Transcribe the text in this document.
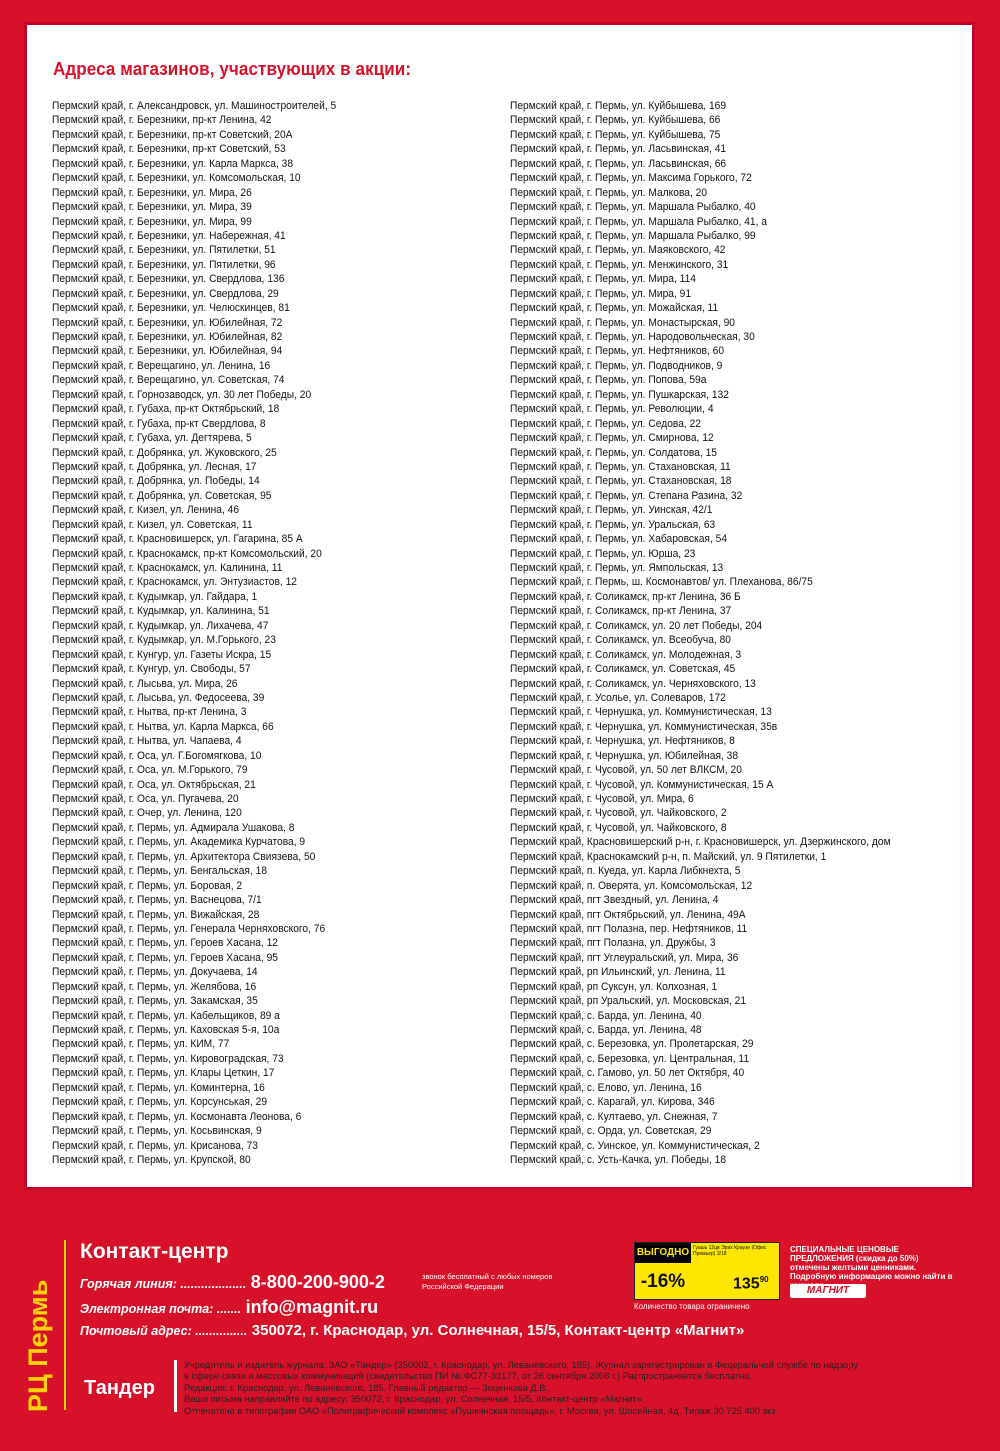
Адреса магазинов, участвующих в акции:
Пермский край, г. Александровск, ул. Машиностроителей, 5
Пермский край, г. Березники, пр-кт Ленина, 42
Пермский край, г. Березники, пр-кт Советский, 20А
Пермский край, г. Березники, пр-кт Советский, 53
Пермский край, г. Березники, ул. Карла Маркса, 38
Пермский край, г. Березники, ул. Комсомольская, 10
Пермский край, г. Березники, ул. Мира, 26
Пермский край, г. Березники, ул. Мира, 39
Пермский край, г. Березники, ул. Мира, 99
Пермский край, г. Березники, ул. Набережная, 41
Пермский край, г. Березники, ул. Пятилетки, 51
Пермский край, г. Березники, ул. Пятилетки, 96
Пермский край, г. Березники, ул. Свердлова, 136
Пермский край, г. Березники, ул. Свердлова, 29
Пермский край, г. Березники, ул. Челюскинцев, 81
Пермский край, г. Березники, ул. Юбилейная, 72
Пермский край, г. Березники, ул. Юбилейная, 82
Пермский край, г. Березники, ул. Юбилейная, 94
Пермский край, г. Верещагино, ул. Ленина, 16
Пермский край, г. Верещагино, ул. Советская, 74
Пермский край, г. Горнозаводск, ул. 30 лет Победы, 20
Пермский край, г. Губаха, пр-кт Октябрьский, 18
Пермский край, г. Губаха, пр-кт Свердлова, 8
Пермский край, г. Губаха, ул. Дегтярева, 5
Пермский край, г. Добрянка, ул. Жуковского, 25
Пермский край, г. Добрянка, ул. Лесная, 17
Пермский край, г. Добрянка, ул. Победы, 14
Пермский край, г. Добрянка, ул. Советская, 95
Пермский край, г. Кизел, ул. Ленина, 46
Пермский край, г. Кизел, ул. Советская, 11
Пермский край, г. Красновишерск, ул. Гагарина, 85 А
Пермский край, г. Краснокамск, пр-кт Комсомольский, 20
Пермский край, г. Краснокамск, ул. Калинина, 11
Пермский край, г. Краснокамск, ул. Энтузиастов, 12
Пермский край, г. Кудымкар, ул. Гайдара, 1
Пермский край, г. Кудымкар, ул. Калинина, 51
Пермский край, г. Кудымкар, ул. Лихачева, 47
Пермский край, г. Кудымкар, ул. М.Горького, 23
Пермский край, г. Кунгур, ул. Газеты Искра, 15
Пермский край, г. Кунгур, ул. Свободы, 57
Пермский край, г. Лысьва, ул. Мира, 26
Пермский край, г. Лысьва, ул. Федосеева, 39
Пермский край, г. Нытва, пр-кт Ленина, 3
Пермский край, г. Нытва, ул. Карла Маркса, 66
Пермский край, г. Нытва, ул. Чапаева, 4
Пермский край, г. Оса, ул. Г.Богомягкова, 10
Пермский край, г. Оса, ул. М.Горького, 79
Пермский край, г. Оса, ул. Октябрьская, 21
Пермский край, г. Оса, ул. Пугачева, 20
Пермский край, г. Очер, ул. Ленина, 120
Пермский край, г. Пермь, ул. Адмирала Ушакова, 8
Пермский край, г. Пермь, ул. Академика Курчатова, 9
Пермский край, г. Пермь, ул. Архитектора Свиязева, 50
Пермский край, г. Пермь, ул. Бенгальская, 18
Пермский край, г. Пермь, ул. Боровая, 2
Пермский край, г. Пермь, ул. Васнецова, 7/1
Пермский край, г. Пермь, ул. Вижайская, 28
Пермский край, г. Пермь, ул. Генерала Черняховского, 76
Пермский край, г. Пермь, ул. Героев Хасана, 12
Пермский край, г. Пермь, ул. Героев Хасана, 95
Пермский край, г. Пермь, ул. Докучаева, 14
Пермский край, г. Пермь, ул. Желябова, 16
Пермский край, г. Пермь, ул. Закамская, 35
Пермский край, г. Пермь, ул. Кабельщиков, 89 а
Пермский край, г. Пермь, ул. Каховская 5-я, 10а
Пермский край, г. Пермь, ул. КИМ, 77
Пермский край, г. Пермь, ул. Кировоградская, 73
Пермский край, г. Пермь, ул. Клары Цеткин, 17
Пермский край, г. Пермь, ул. Коминтерна, 16
Пермский край, г. Пермь, ул. Корсунськая, 29
Пермский край, г. Пермь, ул. Космонавта Леонова, 6
Пермский край, г. Пермь, ул. Косьвинская, 9
Пермский край, г. Пермь, ул. Крисанова, 73
Пермский край, г. Пермь, ул. Крупской, 80
Пермский край, г. Пермь, ул. Куйбышева, 169
Пермский край, г. Пермь, ул. Куйбышева, 66
Пермский край, г. Пермь, ул. Куйбышева, 75
Пермский край, г. Пермь, ул. Ласьвинская, 41
Пермский край, г. Пермь, ул. Ласьвинская, 66
Пермский край, г. Пермь, ул. Максима Горького, 72
Пермский край, г. Пермь, ул. Малкова, 20
Пермский край, г. Пермь, ул. Маршала Рыбалко, 40
Пермский край, г. Пермь, ул. Маршала Рыбалко, 41, а
Пермский край, г. Пермь, ул. Маршала Рыбалко, 99
Пермский край, г. Пермь, ул. Маяковского, 42
Пермский край, г. Пермь, ул. Менжинского, 31
Пермский край, г. Пермь, ул. Мира, 114
Пермский край, г. Пермь, ул. Мира, 91
Пермский край, г. Пермь, ул. Можайская, 11
Пермский край, г. Пермь, ул. Монастырская, 90
Пермский край, г. Пермь, ул. Народовольческая, 30
Пермский край, г. Пермь, ул. Нефтяников, 60
Пермский край, г. Пермь, ул. Подводников, 9
Пермский край, г. Пермь, ул. Попова, 59а
Пермский край, г. Пермь, ул. Пушкарская, 132
Пермский край, г. Пермь, ул. Революции, 4
Пермский край, г. Пермь, ул. Седова, 22
Пермский край, г. Пермь, ул. Смирнова, 12
Пермский край, г. Пермь, ул. Солдатова, 15
Пермский край, г. Пермь, ул. Стахановская, 11
Пермский край, г. Пермь, ул. Стахановская, 18
Пермский край, г. Пермь, ул. Степана Разина, 32
Пермский край, г. Пермь, ул. Уинская, 42/1
Пермский край, г. Пермь, ул. Уральская, 63
Пермский край, г. Пермь, ул. Хабаровская, 54
Пермский край, г. Пермь, ул. Юрша, 23
Пермский край, г. Пермь, ул. Ямпольская, 13
Пермский край, г. Пермь, ш. Космонавтов/ ул. Плеханова, 86/75
Пермский край, г. Соликамск, пр-кт Ленина, 36 Б
Пермский край, г. Соликамск, пр-кт Ленина, 37
Пермский край, г. Соликамск, ул. 20 лет Победы, 204
Пермский край, г. Соликамск, ул. Всеобуча, 80
Пермский край, г. Соликамск, ул. Молодежная, 3
Пермский край, г. Соликамск, ул. Советская, 45
Пермский край, г. Соликамск, ул. Черняховского, 13
Пермский край, г. Усолье, ул. Солеваров, 172
Пермский край, г. Чернушка, ул. Коммунистическая, 13
Пермский край, г. Чернушка, ул. Коммунистическая, 35в
Пермский край, г. Чернушка, ул. Нефтяников, 8
Пермский край, г. Чернушка, ул. Юбилейная, 38
Пермский край, г. Чусовой, ул. 50 лет ВЛКСМ, 20
Пермский край, г. Чусовой, ул. Коммунистическая, 15 А
Пермский край, г. Чусовой, ул. Мира, 6
Пермский край, г. Чусовой, ул. Чайковского, 2
Пермский край, г. Чусовой, ул. Чайковского, 8
Пермский край, Красновишерский р-н, г. Красновишерск, ул. Дзержинского, дом
Пермский край, Краснокамский р-н, п. Майский, ул. 9 Пятилетки, 1
Пермский край, п. Куеда, ул. Карла Либкнехта, 5
Пермский край, п. Оверята, ул. Комсомольская, 12
Пермский край, пгт Звездный, ул. Ленина, 4
Пермский край, пгт Октябрьский, ул. Ленина, 49А
Пермский край, пгт Полазна, пер. Нефтяников, 11
Пермский край, пгт Полазна, ул. Дружбы, 3
Пермский край, пгт Углеуральский, ул. Мира, 36
Пермский край, рп Ильинский, ул. Ленина, 11
Пермский край, рп Суксун, ул. Колхозная, 1
Пермский край, рп Уральский, ул. Московская, 21
Пермский край, с. Барда, ул. Ленина, 40
Пермский край, с. Барда, ул. Ленина, 48
Пермский край, с. Березовка, ул. Пролетарская, 29
Пермский край, с. Березовка, ул. Центральная, 11
Пермский край, с. Гамово, ул. 50 лет Октября, 40
Пермский край, с. Елово, ул. Ленина, 16
Пермский край, с. Карагай, ул. Кирова, 346
Пермский край, с. Култаево, ул. Снежная, 7
Пермский край, с. Орда, ул. Советская, 29
Пермский край, с. Уинское, ул. Коммунистическая, 2
Пермский край, с. Усть-Качка, ул. Победы, 18
РЦ Пермь
Контакт-центр
Горячая линия: ................... 8-800-200-900-2	звонок бесплатный с любых номеров Российской Федерации
Электронная почта: ....... info@magnit.ru
Почтовый адрес: ............... 350072, г. Краснодар, ул. Солнечная, 15/5, Контакт-центр «Магнит»
ВЫГОДНО
-16%
Гуашь 12цв Эрих Краузе (Офис Премьер) 3/18
$135^{90}$
Количество товара ограничено
СПЕЦИАЛЬНЫЕ ЦЕНОВЫЕ ПРЕДЛОЖЕНИЯ (скидка до 50%) отмечены желтыми ценниками. Подробную информацию можно найти в
МАГНИТ
Тандер
Учредитель и издатель журнала: ЗАО «Тандер» (350002, г. Краснодар, ул. Леваневского, 185). Журнал зарегистрирован в Федеральной службе по надзору
в сфере связи и массовых коммуникаций (свидетельство ПИ № ФС77-33177, от 26 сентября 2008 г.) Распространяется бесплатно.
Редакция: г. Краснодар, ул. Леваневского, 185. Главный редактор — Зоценкова Д.В.
Ваши письма направляйте по адресу: 350072, г. Краснодар, ул. Солнечная, 15/5, Контакт-центр «Магнит».
Отпечатано в типографии ОАО «Полиграфический комплекс «Пушкинская площадь», г. Москва, ул. Шосейная, 4д. Тираж 30 725 400 экз.
